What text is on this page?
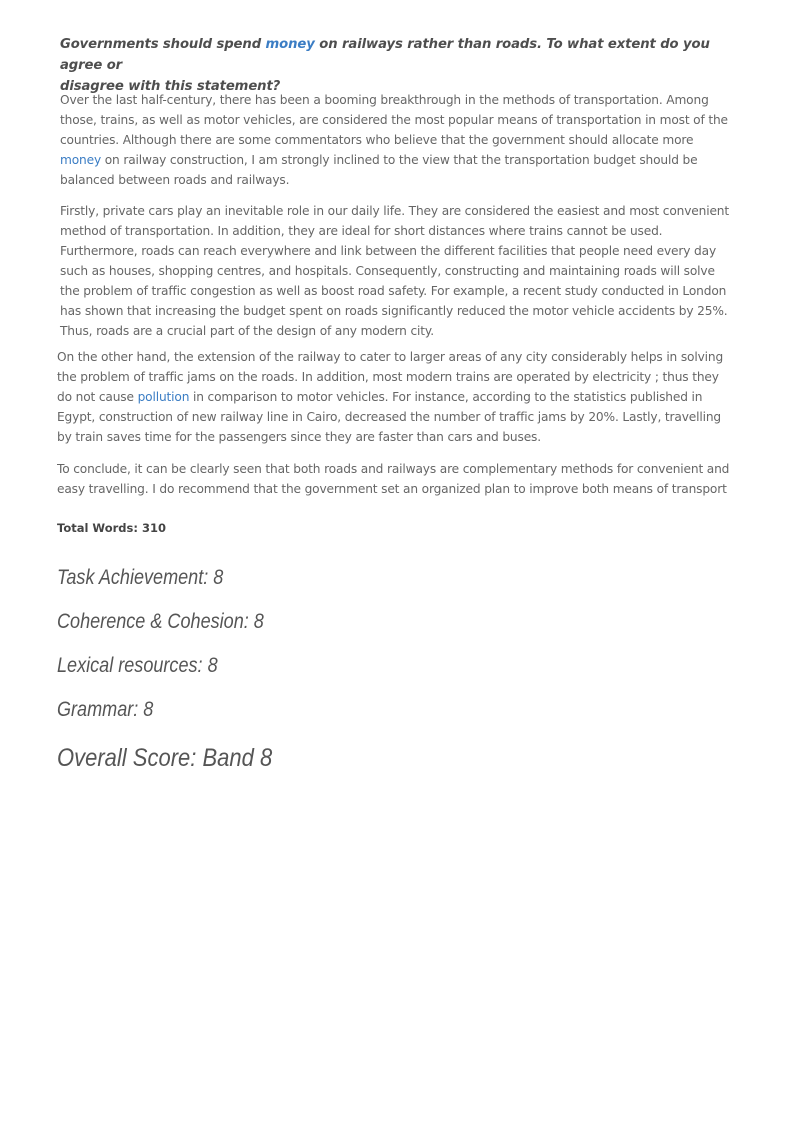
Governments should spend money on railways rather than roads. To what extent do you agree or
disagree with this statement?

Over the last half-century, there has been a booming breakthrough in the methods of transportation. Among
those, trains, as well as motor vehicles, are considered the most popular means of transportation in most of the
countries. Although there are some commentators who believe that the government should allocate more
money on railway construction, I am strongly inclined to the view that the transportation budget should be
balanced between roads and railways.
Firstly, private cars play an inevitable role in our daily life. They are considered the easiest and most convenient
method of transportation. In addition, they are ideal for short distances where trains cannot be used.
Furthermore, roads can reach everywhere and link between the different facilities that people need every day
such as houses, shopping centres, and hospitals. Consequently, constructing and maintaining roads will solve
the problem of traffic congestion as well as boost road safety. For example, a recent study conducted in London
has shown that increasing the budget spent on roads significantly reduced the motor vehicle accidents by 25%.
Thus, roads are a crucial part of the design of any modern city.
On the other hand, the extension of the railway to cater to larger areas of any city considerably helps in solving
the problem of traffic jams on the roads. In addition, most modern trains are operated by electricity ; thus they
do not cause pollution in comparison to motor vehicles. For instance, according to the statistics published in
Egypt, construction of new railway line in Cairo, decreased the number of traffic jams by 20%. Lastly, travelling
by train saves time for the passengers since they are faster than cars and buses.
To conclude, it can be clearly seen that both roads and railways are complementary methods for convenient and
easy travelling. I do recommend that the government set an organized plan to improve both means of transport

Total Words: 310

Task Achievement: 8

Coherence & Cohesion: 8

Lexical resources: 8

Grammar: 8

Overall Score: Band 8
